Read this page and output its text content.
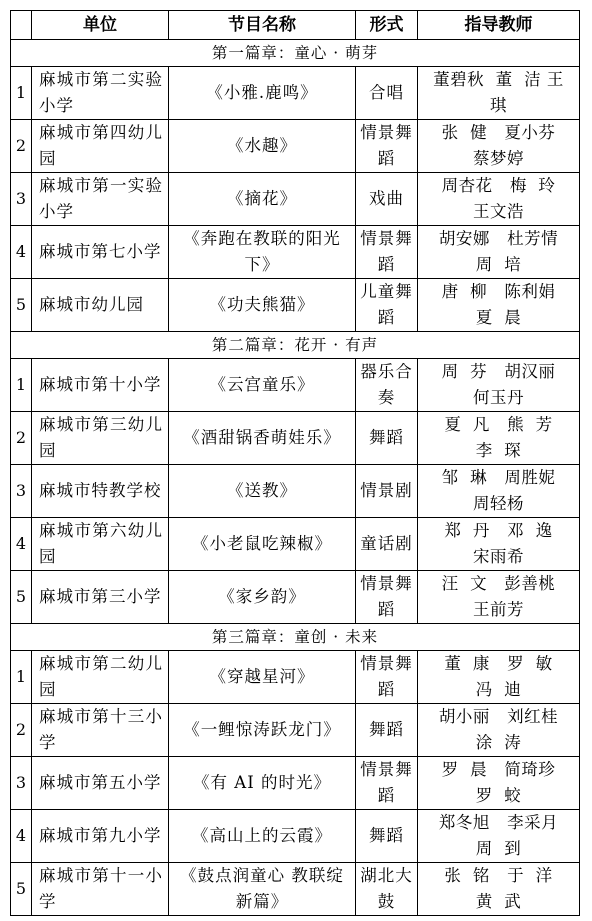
	单位	节目名称	形式	指导教师
第一篇章：童心 · 萌芽				
1	麻城市第二实验小学	《小雅.鹿鸣》	合唱	董碧秋  董  洁 王
琪

2	麻城市第四幼儿园	《水趣》	情景舞蹈	张  健   夏小芬
蔡梦婷

3	麻城市第一实验小学	《摘花》	戏曲	周杏花   梅  玲
王文浩

4	麻城市第七小学	《奔跑在教联的阳光下》	情景舞蹈	胡安娜   杜芳情
周  培

5	麻城市幼儿园	《功夫熊猫》	儿童舞蹈	唐  柳   陈利娟
夏  晨

第二篇章：花开 · 有声				
1	麻城市第十小学	《云宫童乐》	器乐合奏	周  芬   胡汉丽
何玉丹

2	麻城市第三幼儿园	《酒甜锅香萌娃乐》	舞蹈	夏  凡   熊  芳
李  琛

3	麻城市特教学校	《送教》	情景剧	邹  琳   周胜妮
周轻杨

4	麻城市第六幼儿园	《小老鼠吃辣椒》	童话剧	郑  丹   邓  逸
宋雨希

5	麻城市第三小学	《家乡韵》	情景舞蹈	汪  文   彭善桃
王前芳

第三篇章：童创 · 未来				
1	麻城市第二幼儿园	《穿越星河》	情景舞蹈	董  康   罗  敏
冯  迪

2	麻城市第十三小学	《一鲤惊涛跃龙门》	舞蹈	胡小丽   刘红桂
涂  涛

3	麻城市第五小学	《有 AI 的时光》	情景舞蹈	罗  晨   简琦珍
罗  蛟

4	麻城市第九小学	《高山上的云霞》	舞蹈	郑冬旭   李采月
周  到

5	麻城市第十一小学	《鼓点润童心 教联绽新篇》	湖北大鼓	张  铭   于  洋
黄  武
